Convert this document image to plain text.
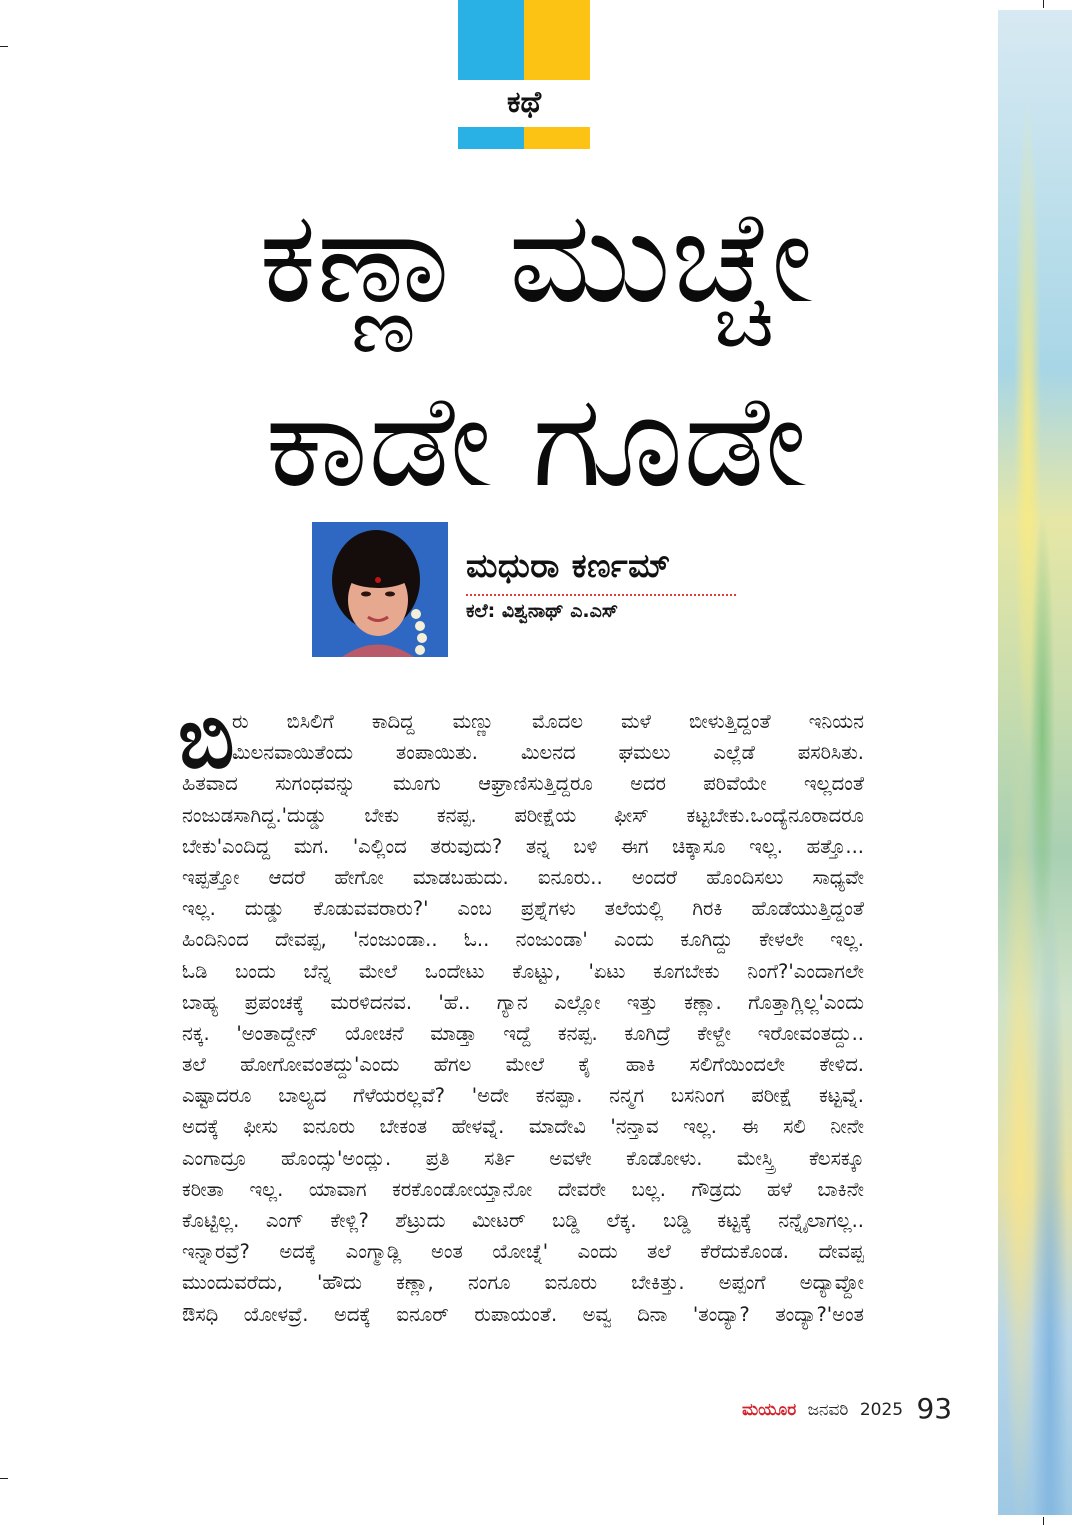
ಕಥೆ
ಕಣ್ಣಾ ಮುಚ್ಚೇ
ಕಾಡೇ ಗೂಡೇ
ಮಧುರಾ ಕರ್ಣಮ್
ಕಲೆ: ವಿಶ್ವನಾಥ್ ಎ.ಎಸ್
ಬಿ
ರು ಬಿಸಿಲಿಗೆ ಕಾದಿದ್ದ ಮಣ್ಣು ಮೊದಲ ಮಳೆ ಬೀಳುತ್ತಿದ್ದಂತೆ ಇನಿಯನ
ಮಿಲನವಾಯಿತೆಂದು ತಂಪಾಯಿತು. ಮಿಲನದ ಘಮಲು ಎಲ್ಲೆಡೆ ಪಸರಿಸಿತು.
ಹಿತವಾದ ಸುಗಂಧವನ್ನು ಮೂಗು ಆಘ್ರಾಣಿಸುತ್ತಿದ್ದರೂ ಅದರ ಪರಿವೆಯೇ ಇಲ್ಲದಂತೆ
ನಂಜುಡಸಾಗಿದ್ದ.'ದುಡ್ಡು ಬೇಕು ಕನಪ್ಪ. ಪರೀಕ್ಷೆಯ ಫೀಸ್ ಕಟ್ಟಬೇಕು.ಒಂದ್ಯೆನೂರಾದರೂ
ಬೇಕು'ಎಂದಿದ್ದ ಮಗ. 'ಎಲ್ಲಿಂದ ತರುವುದು? ತನ್ನ ಬಳಿ ಈಗ ಚಿಕ್ಕಾಸೂ ಇಲ್ಲ. ಹತ್ತೊ...
ಇಪ್ಪತ್ತೋ ಆದರೆ ಹೇಗೋ ಮಾಡಬಹುದು. ಐನೂರು.. ಅಂದರೆ ಹೊಂದಿಸಲು ಸಾಧ್ಯವೇ
ಇಲ್ಲ. ದುಡ್ಡು ಕೊಡುವವರಾರು?' ಎಂಬ ಪ್ರಶ್ನೆಗಳು ತಲೆಯಲ್ಲಿ ಗಿರಕಿ ಹೊಡೆಯುತ್ತಿದ್ದಂತೆ
ಹಿಂದಿನಿಂದ ದೇವಪ್ಪ, 'ನಂಜುಂಡಾ.. ಓ.. ನಂಜುಂಡಾ' ಎಂದು ಕೂಗಿದ್ದು ಕೇಳಲೇ ಇಲ್ಲ.
ಓಡಿ ಬಂದು ಬೆನ್ನ ಮೇಲೆ ಒಂದೇಟು ಕೊಟ್ಟು, 'ಏಟು ಕೂಗಬೇಕು ನಿಂಗೆ?'ಎಂದಾಗಲೇ
ಬಾಹ್ಯ ಪ್ರಪಂಚಕ್ಕೆ ಮರಳಿದನವ. 'ಹೆ.. ಗ್ಯಾನ ಎಲ್ಲೋ ಇತ್ತು ಕಣ್ಲಾ. ಗೊತ್ತಾಗ್ಲಿಲ್ಲ'ಎಂದು
ನಕ್ಕ. 'ಅಂತಾದ್ದೇನ್ ಯೋಚನೆ ಮಾಡ್ತಾ ಇದ್ದೆ ಕನಪ್ಪ. ಕೂಗಿದ್ರೆ ಕೇಳ್ದೇ ಇರೋವಂತದ್ದು..
ತಲೆ ಹೋಗೋವಂತದ್ದು'ಎಂದು ಹೆಗಲ ಮೇಲೆ ಕೈ ಹಾಕಿ ಸಲಿಗೆಯಿಂದಲೇ ಕೇಳಿದ.
ಎಷ್ಟಾದರೂ ಬಾಲ್ಯದ ಗೆಳೆಯರಲ್ಲವೆ? 'ಅದೇ ಕನಪ್ಪಾ. ನನ್ಮಗ ಬಸನಿಂಗ ಪರೀಕ್ಷೆ ಕಟ್ಟವ್ನೆ.
ಅದಕ್ಕೆ ಫೀಸು ಐನೂರು ಬೇಕಂತ ಹೇಳವ್ನೆ. ಮಾದೇವಿ 'ನನ್ತಾವ ಇಲ್ಲ. ಈ ಸಲಿ ನೀನೇ
ಎಂಗಾದ್ರೂ ಹೊಂದ್ಸು'ಅಂದ್ಲು. ಪ್ರತಿ ಸರ್ತಿ ಅವಳೇ ಕೊಡೋಳು. ಮೇಸ್ತ್ರಿ ಕೆಲಸಕ್ಕೂ
ಕರೀತಾ ಇಲ್ಲ. ಯಾವಾಗ ಕರಕೊಂಡೋಯ್ತಾನೋ ದೇವರೇ ಬಲ್ಲ. ಗೌಡ್ರದು ಹಳೆ ಬಾಕಿನೇ
ಕೊಟ್ಟಿಲ್ಲ. ಎಂಗ್ ಕೇಳ್ಲಿ? ಶೆಟ್ರುದು ಮೀಟರ್ ಬಡ್ಡಿ ಲೆಕ್ಕ. ಬಡ್ಡಿ ಕಟ್ಟಕ್ಕೆ ನನ್ನೈಲಾಗಲ್ಲ..
ಇನ್ನಾರವ್ರೆ? ಅದಕ್ಕೆ ಎಂಗ್ಮಾಡ್ಲಿ ಅಂತ ಯೋಚ್ನೆ' ಎಂದು ತಲೆ ಕೆರೆದುಕೊಂಡ. ದೇವಪ್ಪ
ಮುಂದುವರೆದು, 'ಹೌದು ಕಣ್ಲಾ, ನಂಗೂ ಐನೂರು ಬೇಕಿತ್ತು. ಅಪ್ಪಂಗೆ ಅದ್ಯಾವ್ದೋ
ಔಸಧಿ ಯೋಳವ್ರೆ. ಅದಕ್ಕೆ ಐನೂರ್ ರುಪಾಯಂತೆ. ಅವ್ವ ದಿನಾ 'ತಂದ್ಯಾ? ತಂದ್ಯಾ?'ಅಂತ
ಮಯೂರ ಜನವರಿ 2025 93
